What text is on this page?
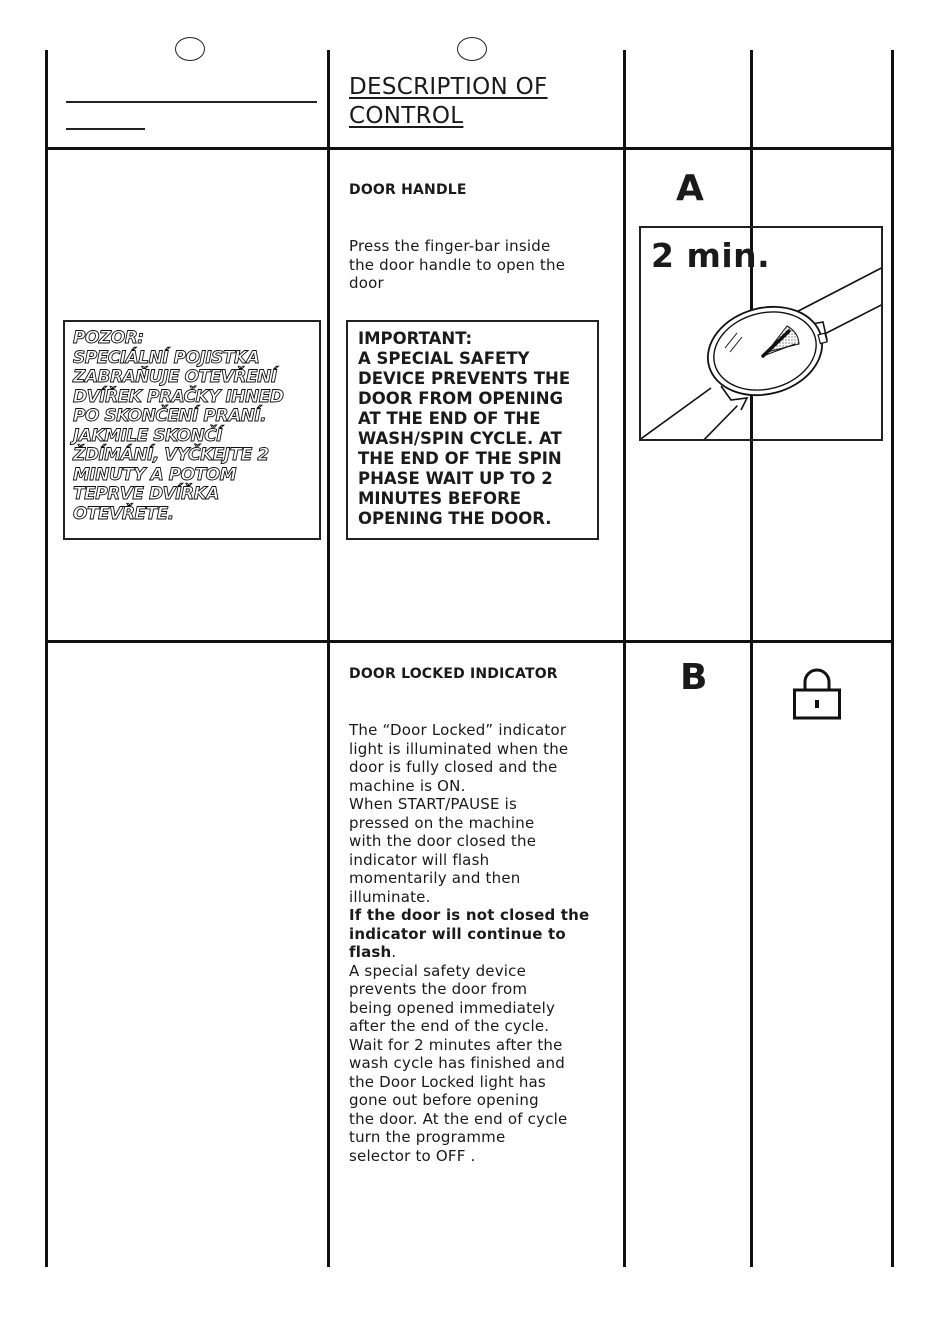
DESCRIPTION OF
CONTROL
DOOR HANDLE
Press the finger-bar inside
the door handle to open the
door
POZOR:
SPECIÁLNÍ POJISTKA
ZABRAŇUJE OTEVŘENÍ
DVÍŘEK PRAČKY IHNED
PO SKONČENÍ PRANÍ.
JAKMILE SKONČÍ
ŽDÍMÁNÍ, VYČKEJTE 2
MINUTY A POTOM
TEPRVE DVÍŘKA
OTEVŘETE.
IMPORTANT:
A SPECIAL SAFETY
DEVICE PREVENTS THE
DOOR FROM OPENING
AT THE END OF THE
WASH/SPIN CYCLE. AT
THE END OF THE SPIN
PHASE WAIT UP TO 2
MINUTES BEFORE
OPENING THE DOOR.
A
2 min.
DOOR LOCKED INDICATOR	B
The “Door Locked” indicator
light is illuminated when the
door is fully closed and the
machine is ON.
When START/PAUSE is
pressed on the machine
with the door closed the
indicator will flash
momentarily and then
illuminate.
If the door is not closed the
indicator will continue to
flash.
A special safety device
prevents the door from
being opened immediately
after the end of the cycle.
Wait for 2 minutes after the
wash cycle has finished and
the Door Locked light has
gone out before opening
the door. At the end of cycle
turn the programme
selector to OFF .
